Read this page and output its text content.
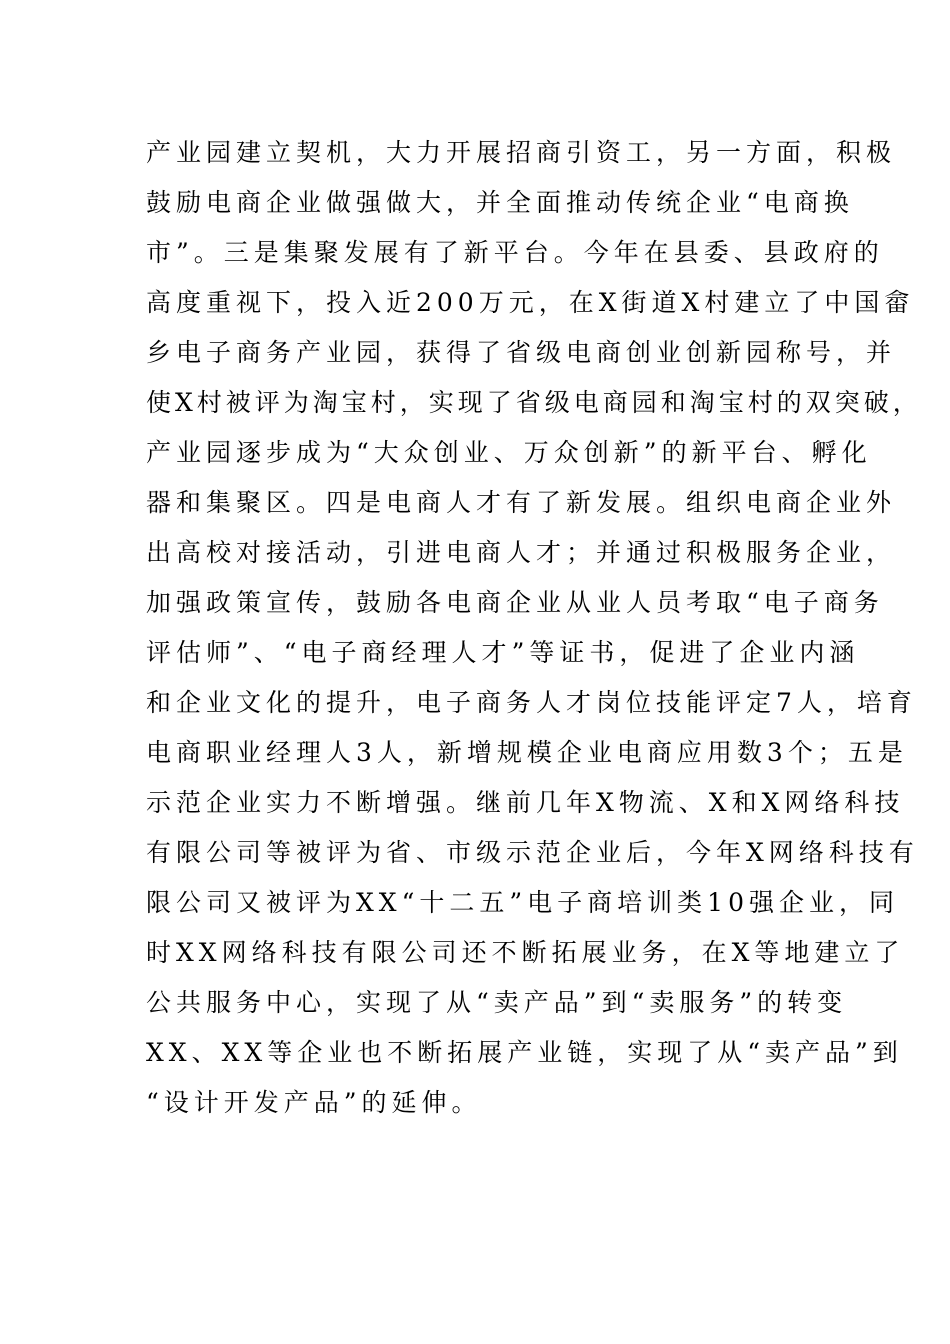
产业园建立契机，大力开展招商引资工，另一方面，积极
鼓励电商企业做强做大，并全面推动传统企业“电商换
市”。三是集聚发展有了新平台。今年在县委、县政府的
高度重视下，投入近200万元，在X街道X村建立了中国畲
乡电子商务产业园，获得了省级电商创业创新园称号，并
使X村被评为淘宝村，实现了省级电商园和淘宝村的双突破，
产业园逐步成为“大众创业、万众创新”的新平台、孵化
器和集聚区。四是电商人才有了新发展。组织电商企业外
出高校对接活动，引进电商人才；并通过积极服务企业，
加强政策宣传，鼓励各电商企业从业人员考取“电子商务
评估师”、“电子商经理人才”等证书，促进了企业内涵
和企业文化的提升，电子商务人才岗位技能评定7人，培育
电商职业经理人3人，新增规模企业电商应用数3个；五是
示范企业实力不断增强。继前几年X物流、X和X网络科技
有限公司等被评为省、市级示范企业后，今年X网络科技有
限公司又被评为XX“十二五”电子商培训类10强企业，同
时XX网络科技有限公司还不断拓展业务，在X等地建立了
公共服务中心，实现了从“卖产品”到“卖服务”的转变
XX、XX等企业也不断拓展产业链，实现了从“卖产品”到
“设计开发产品”的延伸。
